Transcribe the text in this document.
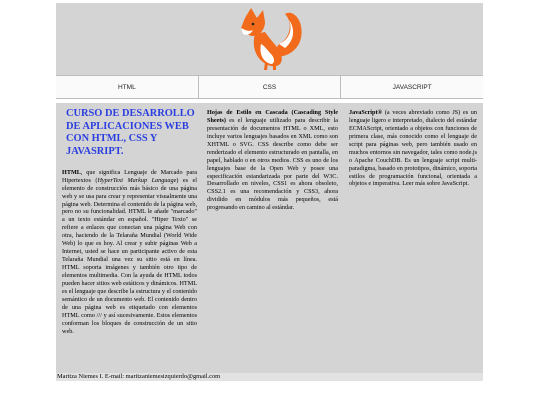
HTML	CSS	JAVASCRIPT
CURSO DE DESARROLLO DE APLICACIONES WEB CON HTML, CSS Y JAVASRIPT.

HTML, que significa Lenguaje de Marcado para Hipertextos (HyperText Markup Language) es el elemento de construcción más básico de una página web y se usa para crear y representar visualmente una página web. Determina el contenido de la página web, pero no su funcionalidad. HTML le añade "marcado" a un texto estándar en español. "Hiper Texto" se refiere a enlaces que conectan una página Web con otra, haciendo de la Telaraña Mundial (World Wide Web) lo que es hoy. Al crear y subir páginas Web a Internet, usted se hace un participante activo de esta Telaraña Mundial una vez su sitio está en línea. HTML soporta imágenes y también otro tipo de elementos multimedia. Con la ayuda de HTML todos pueden hacer sitios web estáticos y dinámicos. HTML es el lenguaje que describe la estructura y el contenido semántico de un documento web. El contenido dentro de una página web es etiquetado con elementos HTML como /// y así sucesivamente. Estos elementos conforman los bloques de construcción de un sitio web.

Hojas de Estilo en Cascada (Cascading Style Sheets) es el lenguaje utilizado para describir la presentación de documentos HTML o XML, esto incluye varios lenguajes basados en XML como son XHTML o SVG. CSS describe como debe ser renderizado el elemento estructurado en pantalla, en papel, hablado o en otros medios. CSS es uno de los lenguajes base de la Open Web y posee una especificación estandarizada por parte del W3C. Desarrollado en niveles, CSS1 es ahora obsoleto, CSS2.1 es una recomendación y CSS3, ahora dividido en módulos más pequeños, está progresando en camino al estándar.

JavaScript® (a veces abreviado como JS) es un lenguaje ligero e interpretado, dialecto del estándar ECMAScript, orientado a objetos con funciones de primera clase, más conocido como el lenguaje de script para páginas web, pero también usado en muchos entornos sin navegador, tales como node.js o Apache CouchDB. Es un lenguaje script multi-paradigma, basado en prototipos, dinámico, soporta estilos de programación funcional, orientada a objetos e imperativa. Leer más sobre JavaScript.

Maritza Niemes I. E-mail: maritzaniemesizquierdo@gmail.com
